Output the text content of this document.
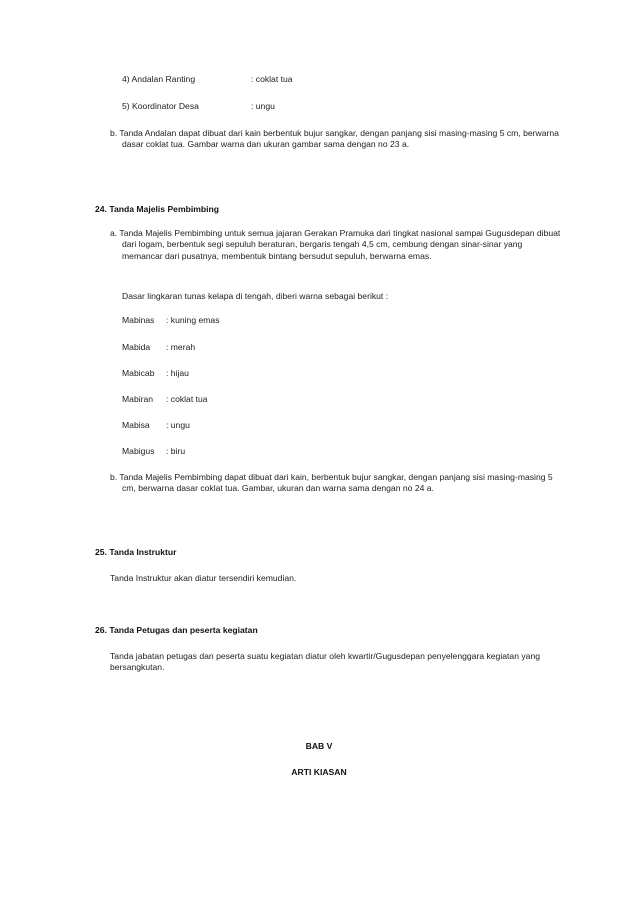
4) Andalan Ranting	: coklat tua
5) Koordinator Desa	: ungu
b. Tanda Andalan dapat dibuat dari kain berbentuk bujur sangkar, dengan panjang sisi masing-masing 5 cm, berwarna dasar coklat tua. Gambar warna dan ukuran gambar sama dengan no 23 a.
24. Tanda Majelis Pembimbing
a. Tanda Majelis Pembimbing untuk semua jajaran Gerakan Pramuka dari tingkat nasional sampai Gugusdepan dibuat dari logam, berbentuk segi sepuluh beraturan, bergaris tengah 4,5 cm, cembung dengan sinar-sinar yang memancar dari pusatnya, membentuk bintang bersudut sepuluh, berwarna emas.
Dasar lingkaran tunas kelapa di tengah, diberi warna sebagai berikut :
Mabinas : kuning emas
Mabida : merah
Mabicab : hijau
Mabiran : coklat tua
Mabisa : ungu
Mabigus : biru
b. Tanda Majelis Pembimbing dapat dibuat dari kain, berbentuk bujur sangkar, dengan panjang sisi masing-masing 5 cm, berwarna dasar coklat tua. Gambar, ukuran dan warna sama dengan no 24 a.
25. Tanda Instruktur
Tanda Instruktur akan diatur tersendiri kemudian.
26. Tanda Petugas dan peserta kegiatan
Tanda jabatan petugas dan peserta suatu kegiatan diatur oleh kwartir/Gugusdepan penyelenggara kegiatan yang bersangkutan.
BAB V
ARTI KIASAN
